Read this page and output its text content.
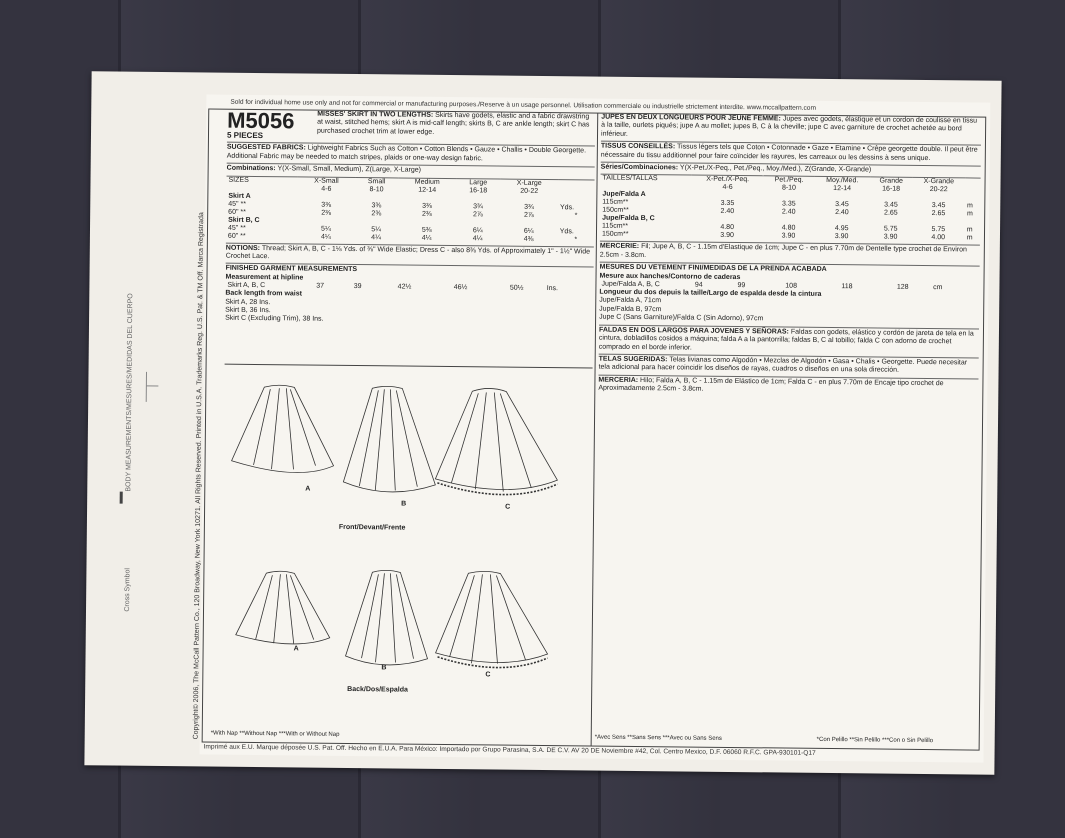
BODY MEASUREMENTS/MESURES/MEDIDAS DEL CUERPO
Cross Symbol
Sold for individual home use only and not for commercial or manufacturing purposes./Reserve à un usage personnel. Utilisation commerciale ou industrielle strictement interdite. www.mccallpattern.com
Copyright© 2006, The McCall Pattern Co., 120 Broadway, New York 10271. All Rights Reserved. Printed in U.S.A. Trademarks Reg. U.S. Pat. & TM Off. Marca Registrada
M5056
5 PIECES
MISSES' SKIRT IN TWO LENGTHS: Skirts have godets, elastic and a fabric drawstring at waist, stitched hems; skirt A is mid-calf length; skirts B, C are ankle length; skirt C has purchased crochet trim at lower edge.
SUGGESTED FABRICS: Lightweight Fabrics Such as Cotton • Cotton Blends • Gauze • Challis • Double Georgette. Additional Fabric may be needed to match stripes, plaids or one-way design fabric.
Combinations: Y(X-Small, Small, Medium), Z(Large, X-Large)
SIZES	X-Small	Small	Medium	Large	X-Large	
	4-6	8-10	12-14	16-18	20-22	
Skirt A						
45" **	3⅜	3⅜	3⅜	3¾	3¾	Yds.
60" **	2⅜	2⅜	2⅜	2⅞	2⅞	*
Skirt B, C						
45" **	5¼	5¼	5⅜	6¼	6¼	Yds.
60" **	4¼	4¼	4¼	4¼	4⅜	*
NOTIONS: Thread; Skirt A, B, C - 1⅛ Yds. of ⅜" Wide Elastic; Dress C - also 8⅜ Yds. of Approximately 1" - 1½" Wide Crochet Lace.
FINISHED GARMENT MEASUREMENTS
Measurement at hipline
Skirt A, B, C	37	39	42½	46½	50½	Ins.
Back length from waist
Skirt A, 28 Ins.
Skirt B, 36 Ins.
Skirt C (Excluding Trim), 38 Ins.
A
B	C
Front/Devant/Frente
A
B
C
Back/Dos/Espalda
*With Nap **Without Nap ***With or Without Nap
JUPES EN DEUX LONGUEURS POUR JEUNE FEMME: Jupes avec godets, élastique et un cordon de coulisse en tissu à la taille, ourlets piqués; jupe A au mollet; jupes B, C à la cheville; jupe C avec garniture de crochet achetée au bord inférieur.
TISSUS CONSEILLÉS: Tissus légers tels que Coton • Cotonnade • Gaze • Etamine • Crêpe georgette double. Il peut être nécessaire du tissu additionnel pour faire coïncider les rayures, les carreaux ou les dessins à sens unique.
Séries/Combinaciones: Y(X-Pet./X-Peq., Pet./Peq., Moy./Med.), Z(Grande, X-Grande)
TAILLES/TALLAS	X-Pet./X-Peq.	Pet./Peq.	Moy./Med.	Grande	X-Grande	
	4-6	8-10	12-14	16-18	20-22	
Jupe/Falda A						
115cm**	3.35	3.35	3.45	3.45	3.45	m
150cm**	2.40	2.40	2.40	2.65	2.65	m
Jupe/Falda B, C						
115cm**	4.80	4.80	4.95	5.75	5.75	m
150cm**	3.90	3.90	3.90	3.90	4.00	m
MERCERIE: Fil; Jupe A, B, C - 1.15m d'Elastique de 1cm; Jupe C - en plus 7.70m de Dentelle type crochet de Environ 2.5cm - 3.8cm.
MESURES DU VETEMENT FINI/MEDIDAS DE LA PRENDA ACABADA
Mesure aux hanches/Contorno de caderas
Jupe/Falda A, B, C	94	99	108	118	128	cm
Longueur du dos depuis la taille/Largo de espalda desde la cintura
Jupe/Falda A, 71cm
Jupe/Falda B, 97cm
Jupe C (Sans Garniture)/Falda C (Sin Adorno), 97cm
FALDAS EN DOS LARGOS PARA JOVENES Y SEÑORAS: Faldas con godets, elástico y cordón de jareta de tela en la cintura, dobladillos cosidos a máquina; falda A a la pantorrilla; faldas B, C al tobillo; falda C con adorno de crochet comprado en el borde inferior.
TELAS SUGERIDAS: Telas livianas como Algodón • Mezclas de Algodón • Gasa • Chalis • Georgette. Puede necesitar tela adicional para hacer coincidir los diseños de rayas, cuadros o diseños en una sola dirección.
MERCERIA: Hilo; Falda A, B, C - 1.15m de Elástico de 1cm; Falda C - en plus 7.70m de Encaje tipo crochet de Aproximadamente 2.5cm - 3.8cm.
*Avec Sens **Sans Sens ***Avec ou Sans Sens	*Con Pelillo **Sin Pelillo ***Con o Sin Pelillo
Imprimé aux E.U. Marque déposée U.S. Pat. Off. Hecho en E.U.A. Para México: Importado por Grupo Parasina, S.A. DE C.V. AV 20 DE Noviembre #42, Col. Centro Mexico, D.F. 06060 R.F.C. GPA-930101-Q17
